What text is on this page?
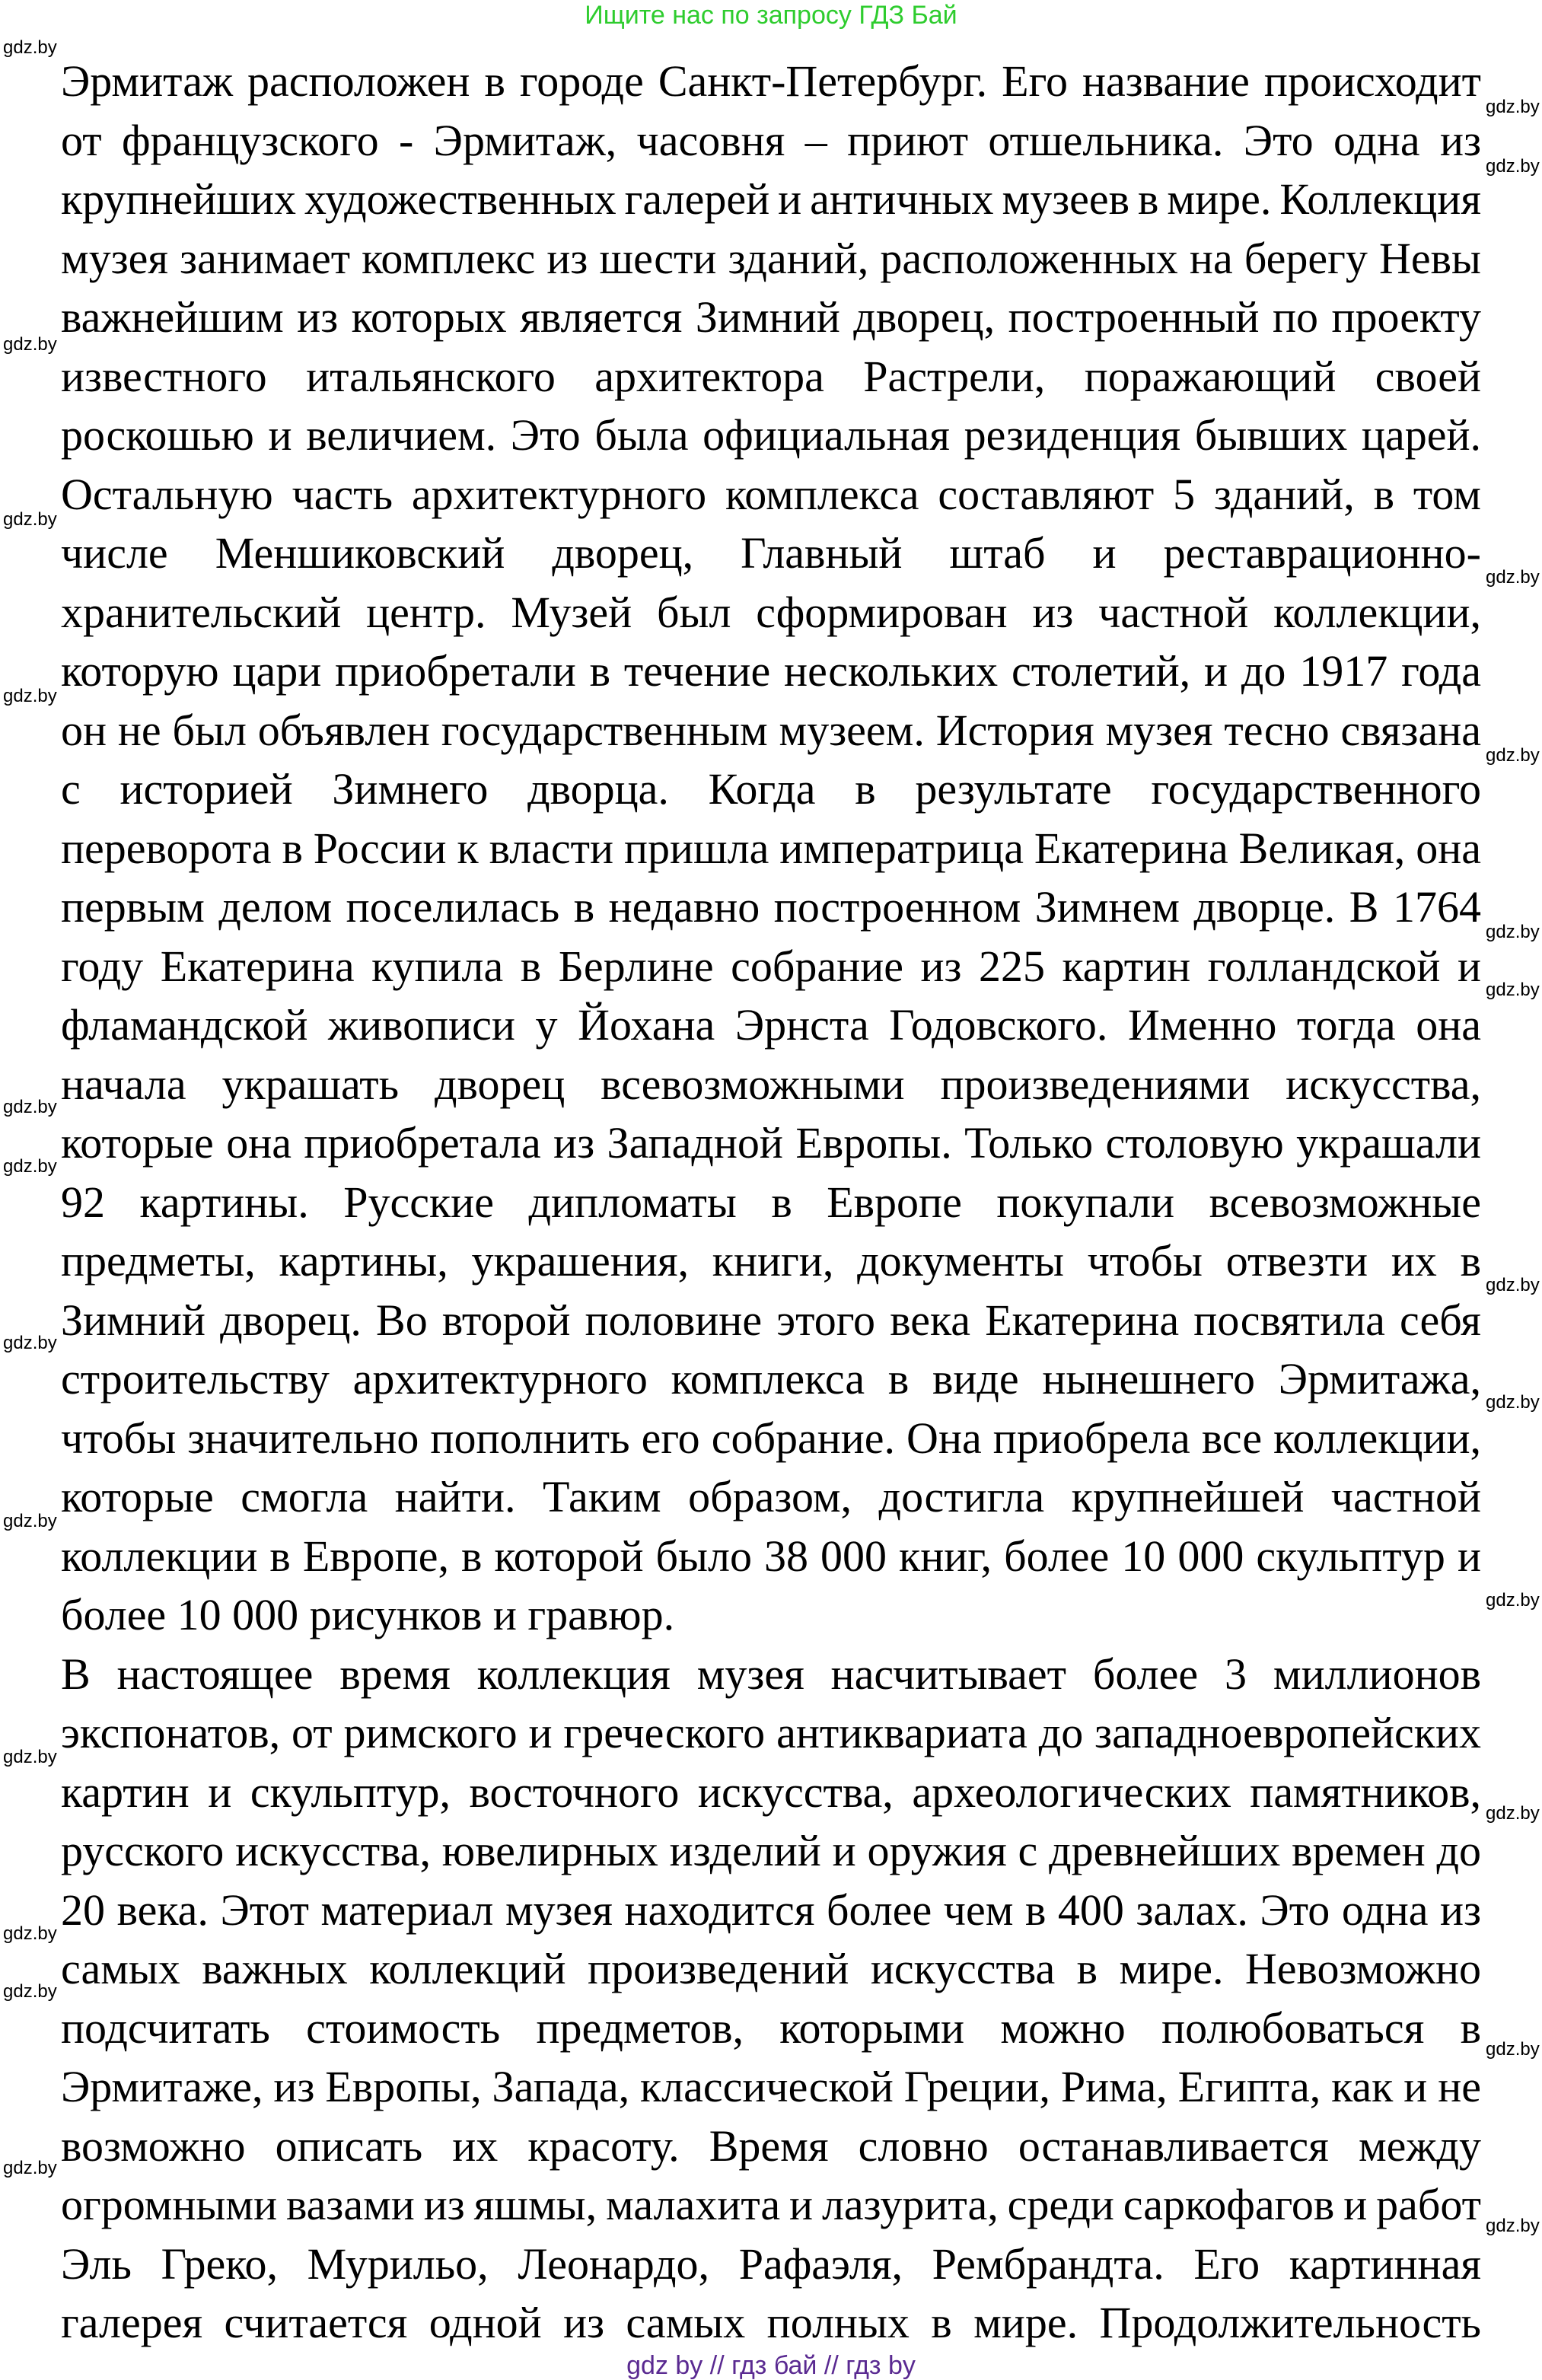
Ищите нас по запросу ГДЗ Бай
Эрмитаж расположен в городе Санкт-Петербург. Его название происходит
от французского - Эрмитаж, часовня – приют отшельника. Это одна из
крупнейших художественных галерей и античных музеев в мире. Коллекция
музея занимает комплекс из шести зданий, расположенных на берегу Невы
важнейшим из которых является Зимний дворец, построенный по проекту
известного итальянского архитектора Растрели, поражающий своей
роскошью и величием. Это была официальная резиденция бывших царей.
Остальную часть архитектурного комплекса составляют 5 зданий, в том
числе Меншиковский дворец, Главный штаб и реставрационно-
хранительский центр. Музей был сформирован из частной коллекции,
которую цари приобретали в течение нескольких столетий, и до 1917 года
он не был объявлен государственным музеем. История музея тесно связана
с историей Зимнего дворца. Когда в результате государственного
переворота в России к власти пришла императрица Екатерина Великая, она
первым делом поселилась в недавно построенном Зимнем дворце. В 1764
году Екатерина купила в Берлине собрание из 225 картин голландской и
фламандской живописи у Йохана Эрнста Годовского. Именно тогда она
начала украшать дворец всевозможными произведениями искусства,
которые она приобретала из Западной Европы. Только столовую украшали
92 картины. Русские дипломаты в Европе покупали всевозможные
предметы, картины, украшения, книги, документы чтобы отвезти их в
Зимний дворец. Во второй половине этого века Екатерина посвятила себя
строительству архитектурного комплекса в виде нынешнего Эрмитажа,
чтобы значительно пополнить его собрание. Она приобрела все коллекции,
которые смогла найти. Таким образом, достигла крупнейшей частной
коллекции в Европе, в которой было 38 000 книг, более 10 000 скульптур и
более 10 000 рисунков и гравюр.
В настоящее время коллекция музея насчитывает более 3 миллионов
экспонатов, от римского и греческого антиквариата до западноевропейских
картин и скульптур, восточного искусства, археологических памятников,
русского искусства, ювелирных изделий и оружия с древнейших времен до
20 века. Этот материал музея находится более чем в 400 залах. Это одна из
самых важных коллекций произведений искусства в мире. Невозможно
подсчитать стоимость предметов, которыми можно полюбоваться в
Эрмитаже, из Европы, Запада, классической Греции, Рима, Египта, как и не
возможно описать их красоту. Время словно останавливается между
огромными вазами из яшмы, малахита и лазурита, среди саркофагов и работ
Эль Греко, Мурильо, Леонардо, Рафаэля, Рембрандта. Его картинная
галерея считается одной из самых полных в мире. Продолжительность
gdz.by
gdz.by
gdz.by
gdz.by
gdz.by
gdz.by
gdz.by
gdz.by
gdz.by
gdz.by
gdz.by
gdz.by
gdz.by
gdz.by
gdz.by
gdz.by
gdz.by
gdz.by
gdz.by
gdz.by
gdz.by
gdz.by
gdz.by
gdz.by
gdz by // гдз бай // гдз by
